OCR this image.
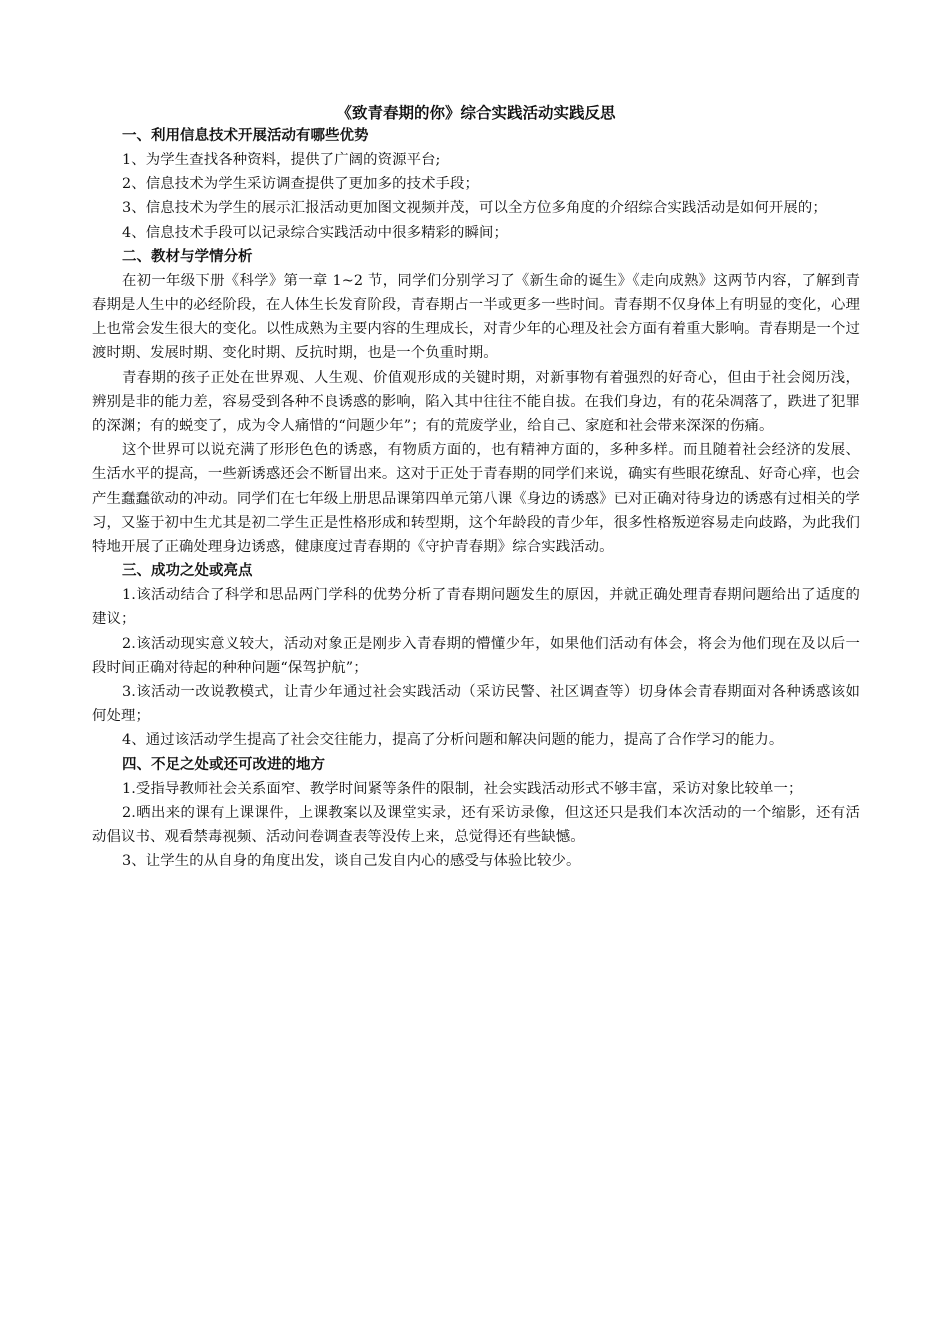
《致青春期的你》综合实践活动实践反思
一、利用信息技术开展活动有哪些优势

1、为学生查找各种资料，提供了广阔的资源平台;

2、信息技术为学生采访调查提供了更加多的技术手段；

3、信息技术为学生的展示汇报活动更加图文视频并茂，可以全方位多角度的介绍综合实践活动是如何开展的；

4、信息技术手段可以记录综合实践活动中很多精彩的瞬间；

二、教材与学情分析

在初一年级下册《科学》第一章 1~2 节，同学们分别学习了《新生命的诞生》《走向成熟》这两节内容，了解到青春期是人生中的必经阶段，在人体生长发育阶段，青春期占一半或更多一些时间。青春期不仅身体上有明显的变化，心理上也常会发生很大的变化。以性成熟为主要内容的生理成长，对青少年的心理及社会方面有着重大影响。青春期是一个过渡时期、发展时期、变化时期、反抗时期，也是一个负重时期。

青春期的孩子正处在世界观、人生观、价值观形成的关键时期，对新事物有着强烈的好奇心，但由于社会阅历浅，辨别是非的能力差，容易受到各种不良诱惑的影响，陷入其中往往不能自拔。在我们身边，有的花朵凋落了，跌进了犯罪的深渊；有的蜕变了，成为令人痛惜的“问题少年”；有的荒废学业，给自己、家庭和社会带来深深的伤痛。

这个世界可以说充满了形形色色的诱惑，有物质方面的，也有精神方面的，多种多样。而且随着社会经济的发展、生活水平的提高，一些新诱惑还会不断冒出来。这对于正处于青春期的同学们来说，确实有些眼花缭乱、好奇心痒，也会产生蠢蠢欲动的冲动。同学们在七年级上册思品课第四单元第八课《身边的诱惑》已对正确对待身边的诱惑有过相关的学习，又鉴于初中生尤其是初二学生正是性格形成和转型期，这个年龄段的青少年，很多性格叛逆容易走向歧路，为此我们特地开展了正确处理身边诱惑，健康度过青春期的《守护青春期》综合实践活动。

三、成功之处或亮点

1.该活动结合了科学和思品两门学科的优势分析了青春期问题发生的原因，并就正确处理青春期问题给出了适度的建议；

2.该活动现实意义较大，活动对象正是刚步入青春期的懵懂少年，如果他们活动有体会，将会为他们现在及以后一段时间正确对待起的种种问题“保驾护航”；

3.该活动一改说教模式，让青少年通过社会实践活动（采访民警、社区调查等）切身体会青春期面对各种诱惑该如何处理；

4、通过该活动学生提高了社会交往能力，提高了分析问题和解决问题的能力，提高了合作学习的能力。

四、不足之处或还可改进的地方

1.受指导教师社会关系面窄、教学时间紧等条件的限制，社会实践活动形式不够丰富，采访对象比较单一；

2.晒出来的课有上课课件，上课教案以及课堂实录，还有采访录像，但这还只是我们本次活动的一个缩影，还有活动倡议书、观看禁毒视频、活动问卷调查表等没传上来，总觉得还有些缺憾。

3、让学生的从自身的角度出发，谈自己发自内心的感受与体验比较少。
